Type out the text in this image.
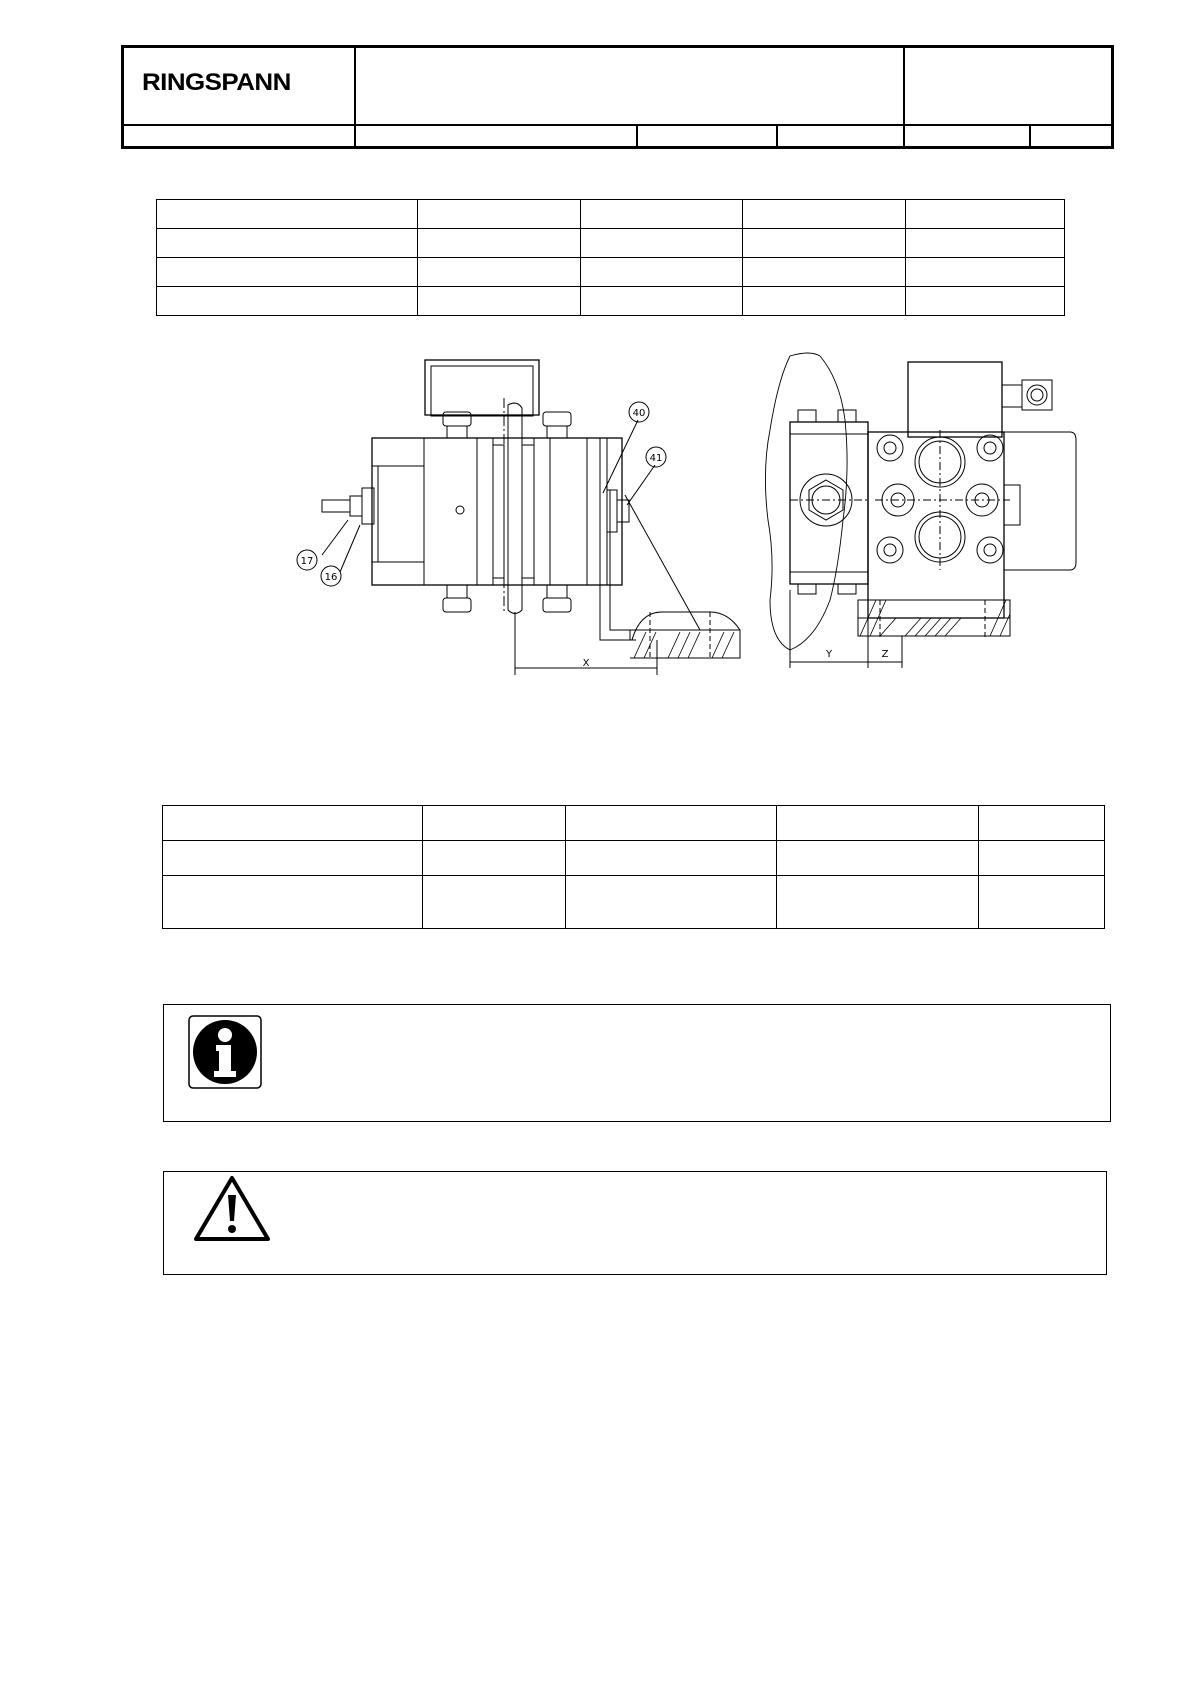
RINGSPANN

40
41
17
16
X
Y	Z
